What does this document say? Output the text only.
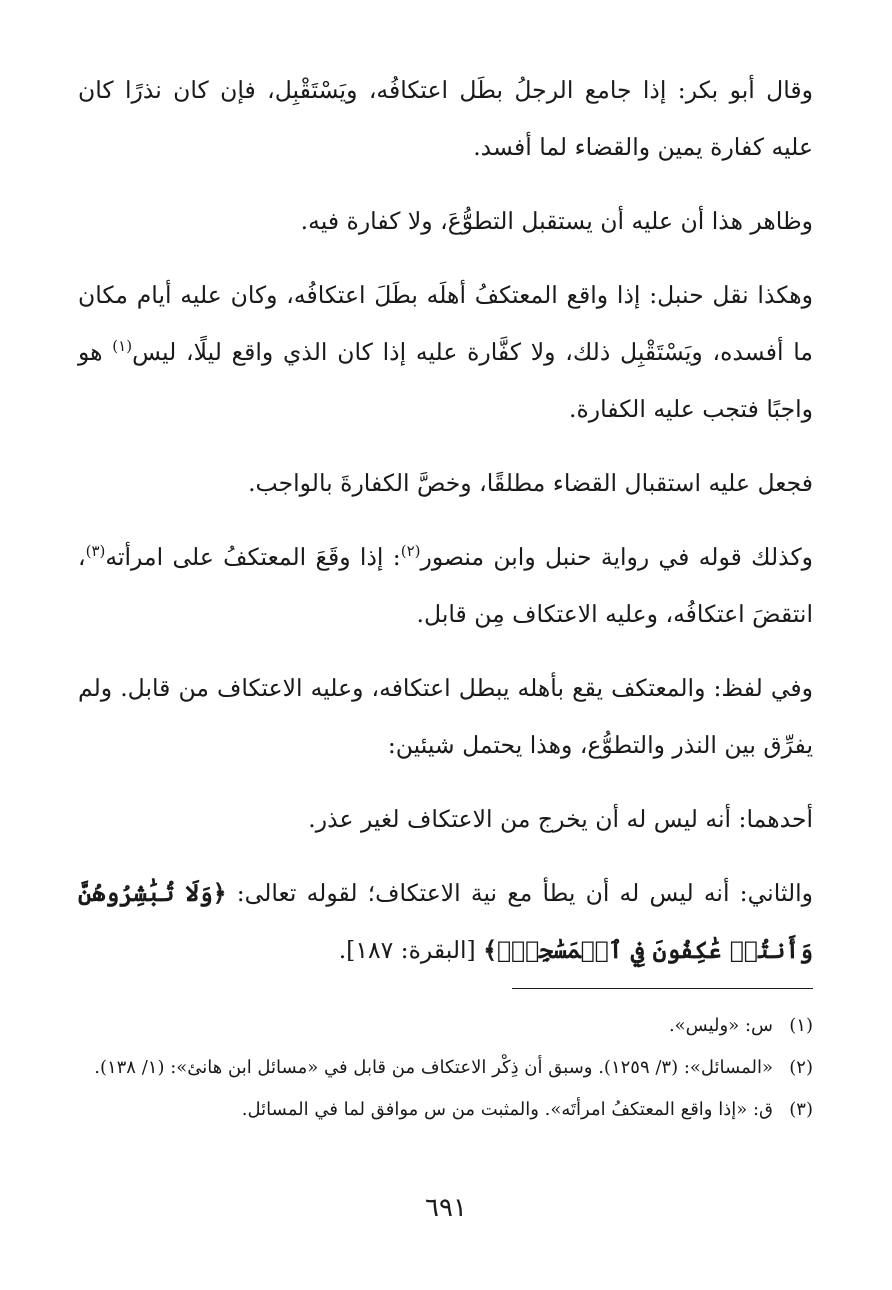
وقال أبو بكر: إذا جامع الرجلُ بطَل اعتكافُه، ويَسْتَقْبِل، فإن كان نذرًا كان عليه كفارة يمين والقضاء لما أفسد.

وظاهر هذا أن عليه أن يستقبل التطوُّعَ، ولا كفارة فيه.

وهكذا نقل حنبل: إذا واقع المعتكفُ أهلَه بطَلَ اعتكافُه، وكان عليه أيام مكان ما أفسده، ويَسْتَقْبِل ذلك، ولا كفَّارة عليه إذا كان الذي واقع ليلًا، ليس$^{(١)}$ هو واجبًا فتجب عليه الكفارة.

فجعل عليه استقبال القضاء مطلقًا، وخصَّ الكفارةَ بالواجب.

وكذلك قوله في رواية حنبل وابن منصور$^{(٢)}$: إذا وقَعَ المعتكفُ على امرأته$^{(٣)}$، انتقضَ اعتكافُه، وعليه الاعتكاف مِن قابل.

وفي لفظ: والمعتكف يقع بأهله يبطل اعتكافه، وعليه الاعتكاف من قابل. ولم يفرِّق بين النذر والتطوُّع، وهذا يحتمل شيئين:

أحدهما: أنه ليس له أن يخرج من الاعتكاف لغير عذر.

والثاني: أنه ليس له أن يطأ مع نية الاعتكاف؛ لقوله تعالى: ﴿وَلَا تُبَٰشِرُوهُنَّ وَأَنتُمۡ عَٰكِفُونَ فِي ٱلۡمَسَٰجِدِۗ﴾ [البقرة: ١٨٧].

(١)
س: «وليس».
(٢)
«المسائل»: (٣/ ١٢٥٩). وسبق أن ذِكْر الاعتكاف من قابل في «مسائل ابن هانئ»: (١/ ١٣٨).
(٣)
ق: «إذا واقع المعتكفُ امرأتَه». والمثبت من س موافق لما في المسائل.
٦٩١
